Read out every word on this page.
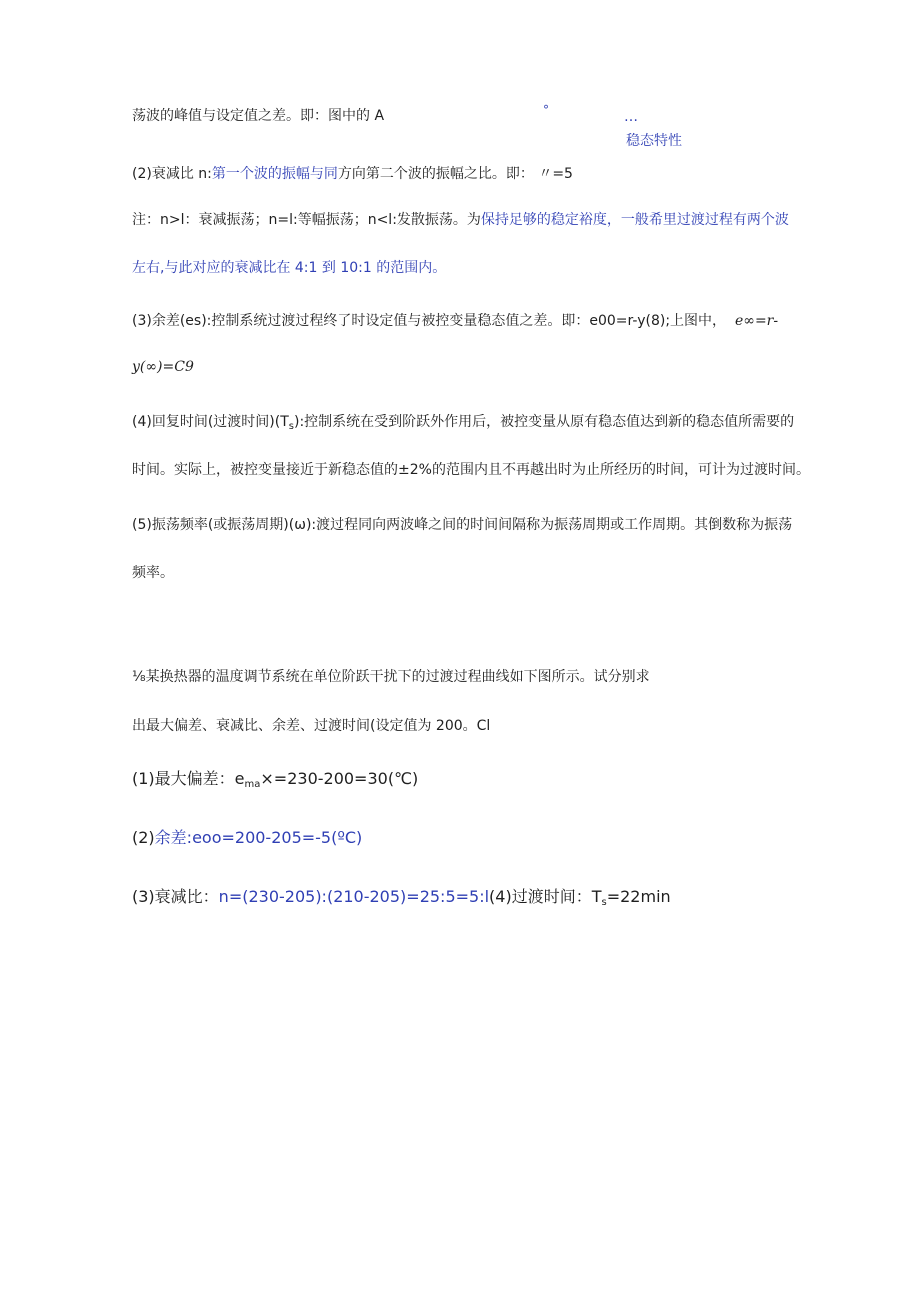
荡波的峰值与设定值之差。即：图中的 A	°	…
稳态特性
(2)衰减比 n:第一个波的振幅与同方向第二个波的振幅之比。即： 〃=5
注：n>l：衰减振荡；n=l:等幅振荡；n<l:发散振荡。为保持足够的稳定裕度，一般希里过渡过程有两个波
左右,与此对应的衰减比在 4:1 到 10:1 的范围内。
(3)余差(es):控制系统过渡过程终了时设定值与被控变量稳态值之差。即：e00=r-y(8);上图中， e∞=r-
y(∞)=C9
(4)回复时间(过渡时间)$(T_s)$:控制系统在受到阶跃外作用后，被控变量从原有稳态值达到新的稳态值所需要的
时间。实际上，被控变量接近于新稳态值的±2%的范围内且不再越出时为止所经历的时间，可计为过渡时间。
(5)振荡频率(或振荡周期)(ω):渡过程同向两波峰之间的时间间隔称为振荡周期或工作周期。其倒数称为振荡
频率。
⅛某换热器的温度调节系统在单位阶跃干扰下的过渡过程曲线如下图所示。试分别求
出最大偏差、衰减比、余差、过渡时间(设定值为 200。Cl
(1)最大偏差：$e_{ma}\times=230-200=30(℃)$
(2)余差:eoo=200-205=-5(ºC)
(3)衰减比：n=(230-205):(210-205)=25:5=5:l(4)过渡时间：$T_s=22\min$
